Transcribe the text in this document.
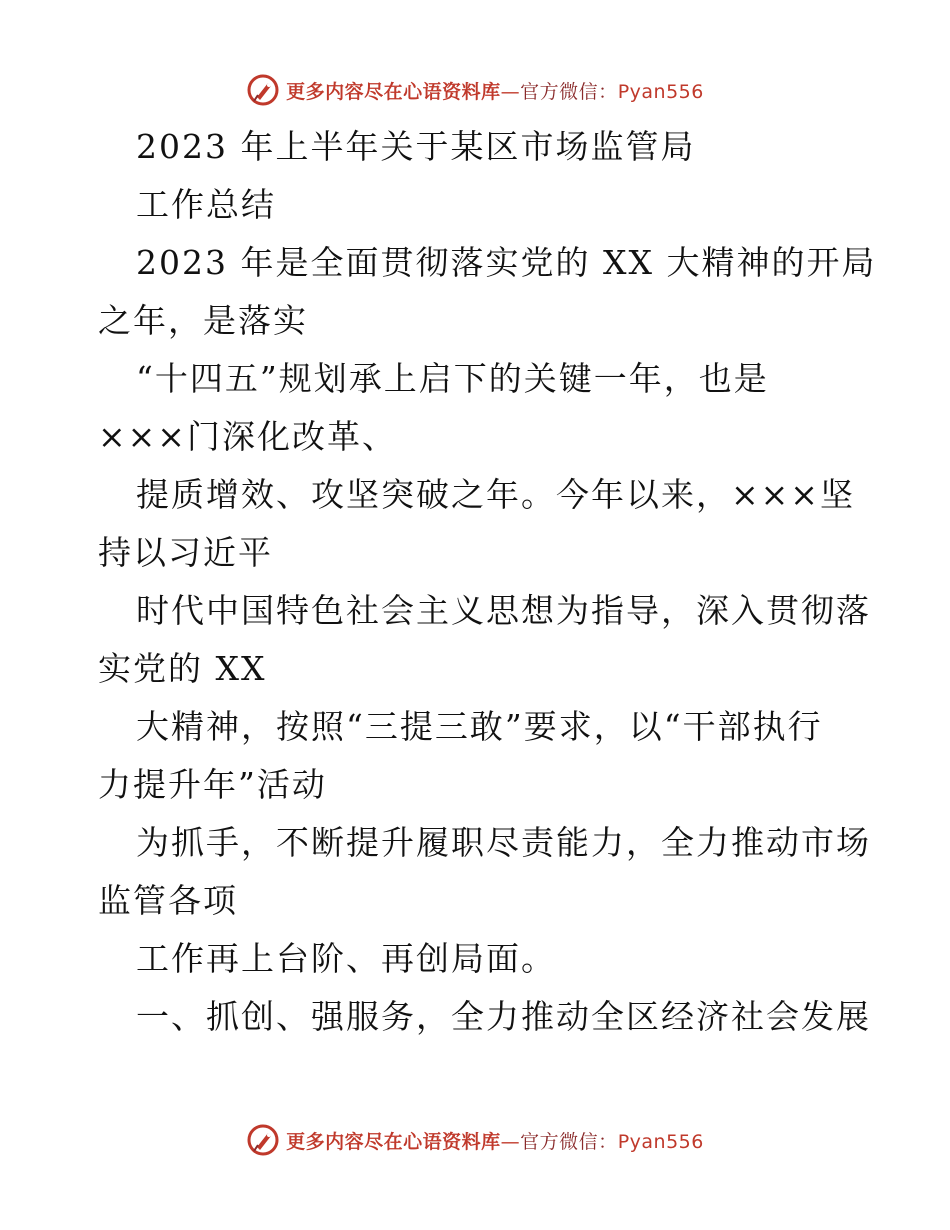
更多内容尽在心语资料库—官方微信：Pyan556
2023 年上半年关于某区市场监管局
工作总结
2023 年是全面贯彻落实党的 XX 大精神的开局
之年，是落实
“十四五”规划承上启下的关键一年，也是
×××门深化改革、
提质增效、攻坚突破之年。今年以来，×××坚
持以习近平
时代中国特色社会主义思想为指导，深入贯彻落
实党的 XX
大精神，按照“三提三敢”要求，以“干部执行
力提升年”活动
为抓手，不断提升履职尽责能力，全力推动市场
监管各项
工作再上台阶、再创局面。
一、抓创、强服务，全力推动全区经济社会发展
更多内容尽在心语资料库—官方微信：Pyan556
